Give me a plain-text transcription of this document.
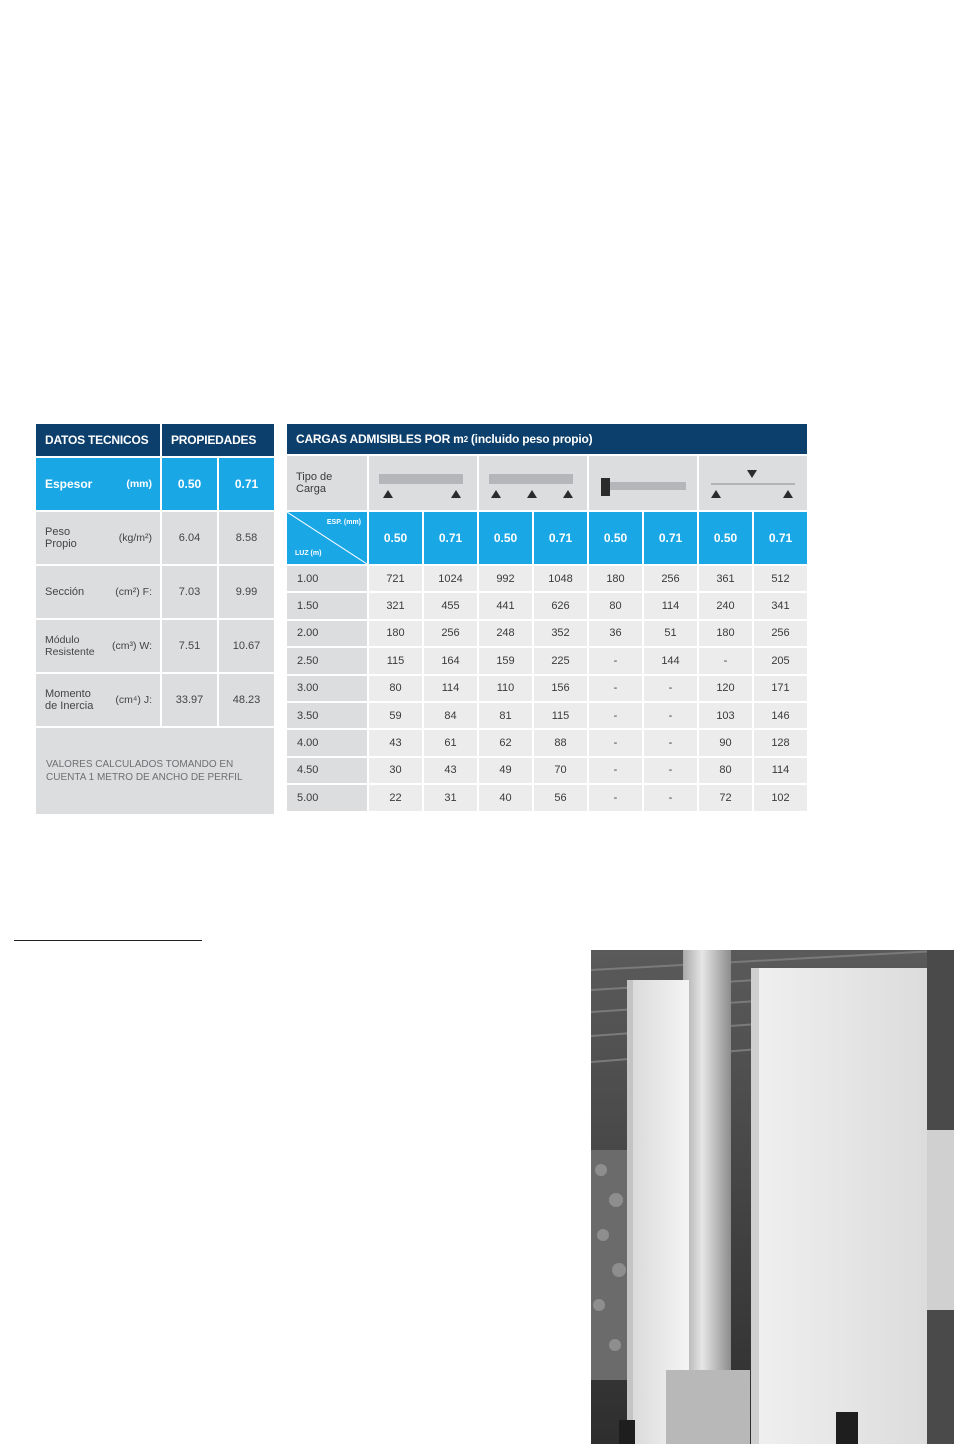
DATOS TECNICOS	PROPIEDADES
Espesor	(mm)	0.50	0.71
Peso Propio	(kg/m²)	6.04	8.58
Sección	(cm²) F:	7.03	9.99
Módulo Resistente	(cm³) W:	7.51	10.67
Momento de Inercia	(cm⁴) J:	33.97	48.23
VALORES CALCULADOS TOMANDO EN CUENTA 1 METRO DE ANCHO DE PERFIL
CARGAS ADMISIBLES POR m 2 (incluido peso propio)
Tipo de Carga
ESP. (mm)
LUZ (m)
0.50	0.71	0.50	0.71	0.50	0.71	0.50	0.71
1.00	721	1024	992	1048	180	256	361	512
1.50	321	455	441	626	80	114	240	341
2.00	180	256	248	352	36	51	180	256
2.50	115	164	159	225	-	144	-	205
3.00	80	114	110	156	-	-	120	171
3.50	59	84	81	115	-	-	103	146
4.00	43	61	62	88	-	-	90	128
4.50	30	43	49	70	-	-	80	114
5.00	22	31	40	56	-	-	72	102
